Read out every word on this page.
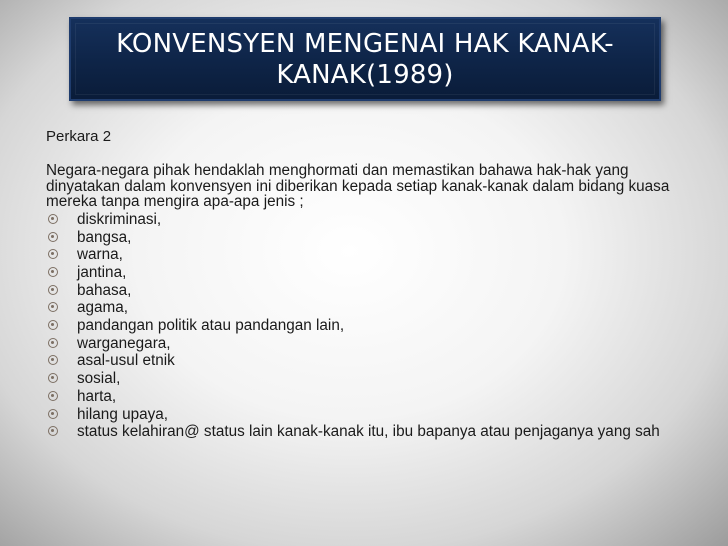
KONVENSYEN MENGENAI HAK KANAK-
KANAK(1989)

Perkara 2

Negara-negara pihak hendaklah menghormati dan memastikan bahawa hak-hak yang dinyatakan dalam konvensyen ini diberikan kepada setiap kanak-kanak dalam bidang kuasa mereka tanpa mengira apa-apa jenis ;

diskriminasi,
bangsa,
warna,
jantina,
bahasa,
agama,
pandangan politik atau pandangan lain,
warganegara,
asal-usul etnik
sosial,
harta,
hilang upaya,
status kelahiran@ status lain kanak-kanak itu, ibu bapanya atau penjaganya yang sah
